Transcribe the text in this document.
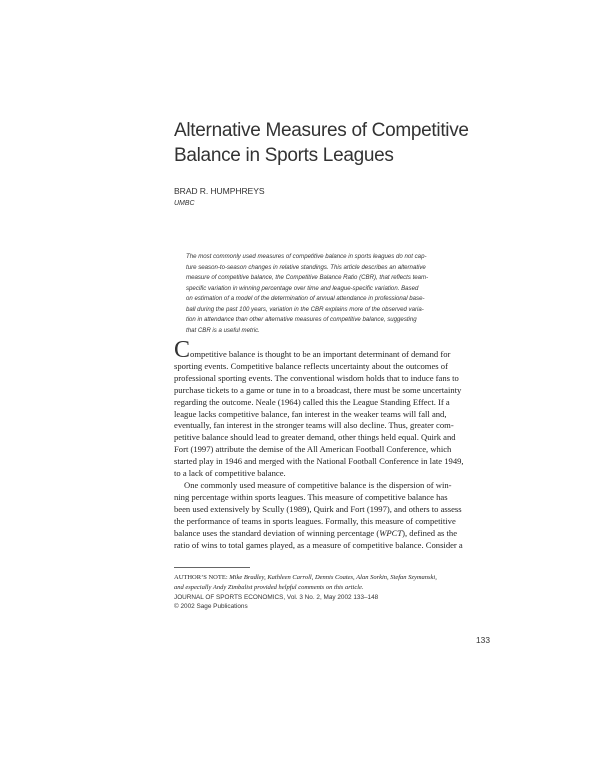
Alternative Measures of Competitive
Balance in Sports Leagues
BRAD R. HUMPHREYS
UMBC
The most commonly used measures of competitive balance in sports leagues do not cap-
ture season-to-season changes in relative standings. This article describes an alternative
measure of competitive balance, the Competitive Balance Ratio (CBR), that reflects team-
specific variation in winning percentage over time and league-specific variation. Based
on estimation of a model of the determination of annual attendance in professional base-
ball during the past 100 years, variation in the CBR explains more of the observed varia-
tion in attendance than other alternative measures of competitive balance, suggesting
that CBR is a useful metric.
Competitive balance is thought to be an important determinant of demand for
sporting events. Competitive balance reflects uncertainty about the outcomes of
professional sporting events. The conventional wisdom holds that to induce fans to
purchase tickets to a game or tune in to a broadcast, there must be some uncertainty
regarding the outcome. Neale (1964) called this the League Standing Effect. If a
league lacks competitive balance, fan interest in the weaker teams will fall and,
eventually, fan interest in the stronger teams will also decline. Thus, greater com-
petitive balance should lead to greater demand, other things held equal. Quirk and
Fort (1997) attribute the demise of the All American Football Conference, which
started play in 1946 and merged with the National Football Conference in late 1949,
to a lack of competitive balance.
One commonly used measure of competitive balance is the dispersion of win-
ning percentage within sports leagues. This measure of competitive balance has
been used extensively by Scully (1989), Quirk and Fort (1997), and others to assess
the performance of teams in sports leagues. Formally, this measure of competitive
balance uses the standard deviation of winning percentage (WPCT), defined as the
ratio of wins to total games played, as a measure of competitive balance. Consider a
AUTHOR’S NOTE: Mike Bradley, Kathleen Carroll, Dennis Coates, Alan Sorkin, Stefan Szymanski,
and especially Andy Zimbalist provided helpful comments on this article.
JOURNAL OF SPORTS ECONOMICS, Vol. 3 No. 2, May 2002 133–148
© 2002 Sage Publications
133
